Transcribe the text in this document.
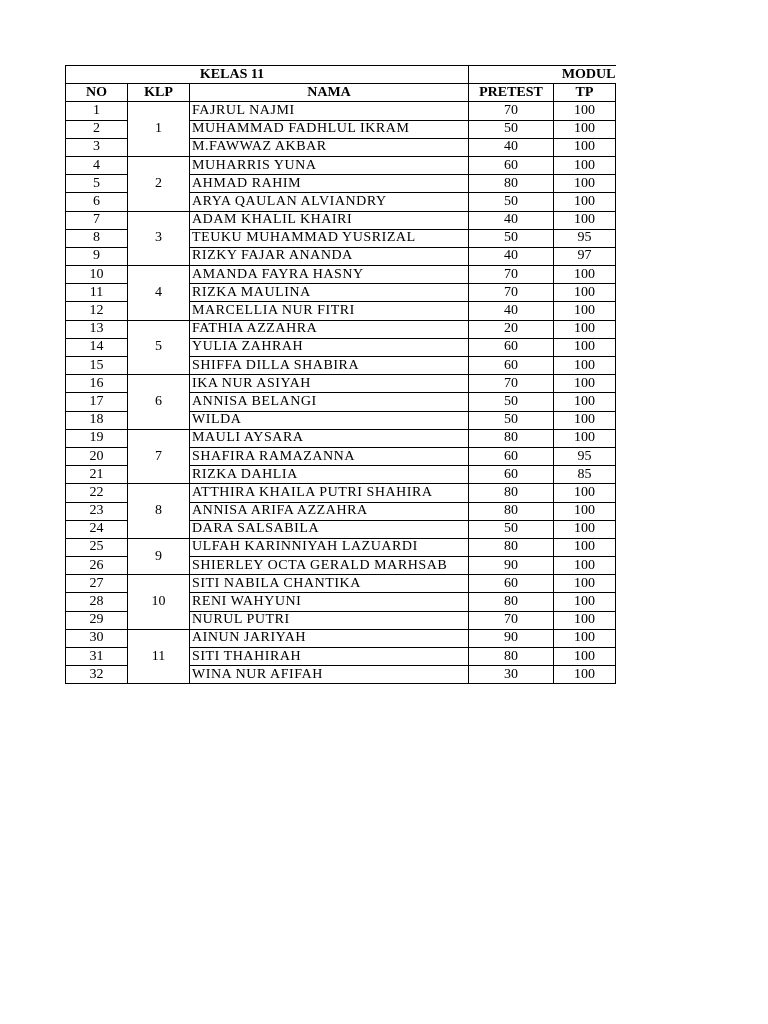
KELAS 11			MODUL	
NO	KLP	NAMA	PRETEST	TP
1	1	FAJRUL NAJMI	70	100
2		MUHAMMAD FADHLUL IKRAM	50	100
3		M.FAWWAZ AKBAR	40	100
4	2	MUHARRIS YUNA	60	100
5		AHMAD RAHIM	80	100
6		ARYA QAULAN ALVIANDRY	50	100
7	3	ADAM KHALIL KHAIRI	40	100
8		TEUKU MUHAMMAD YUSRIZAL	50	95
9		RIZKY FAJAR ANANDA	40	97
10	4	AMANDA FAYRA HASNY	70	100
11		RIZKA MAULINA	70	100
12		MARCELLIA NUR FITRI	40	100
13	5	FATHIA AZZAHRA	20	100
14		YULIA ZAHRAH	60	100
15		SHIFFA DILLA SHABIRA	60	100
16	6	IKA NUR ASIYAH	70	100
17		ANNISA BELANGI	50	100
18		WILDA	50	100
19	7	MAULI AYSARA	80	100
20		SHAFIRA RAMAZANNA	60	95
21		RIZKA DAHLIA	60	85
22	8	ATTHIRA KHAILA PUTRI SHAHIRA	80	100
23		ANNISA ARIFA AZZAHRA	80	100
24		DARA SALSABILA	50	100
25	9	ULFAH KARINNIYAH LAZUARDI	80	100
26		SHIERLEY OCTA GERALD MARHSAB	90	100
27	10	SITI NABILA CHANTIKA	60	100
28		RENI WAHYUNI	80	100
29		NURUL PUTRI	70	100
30	11	AINUN JARIYAH	90	100
31		SITI THAHIRAH	80	100
32		WINA NUR AFIFAH	30	100
